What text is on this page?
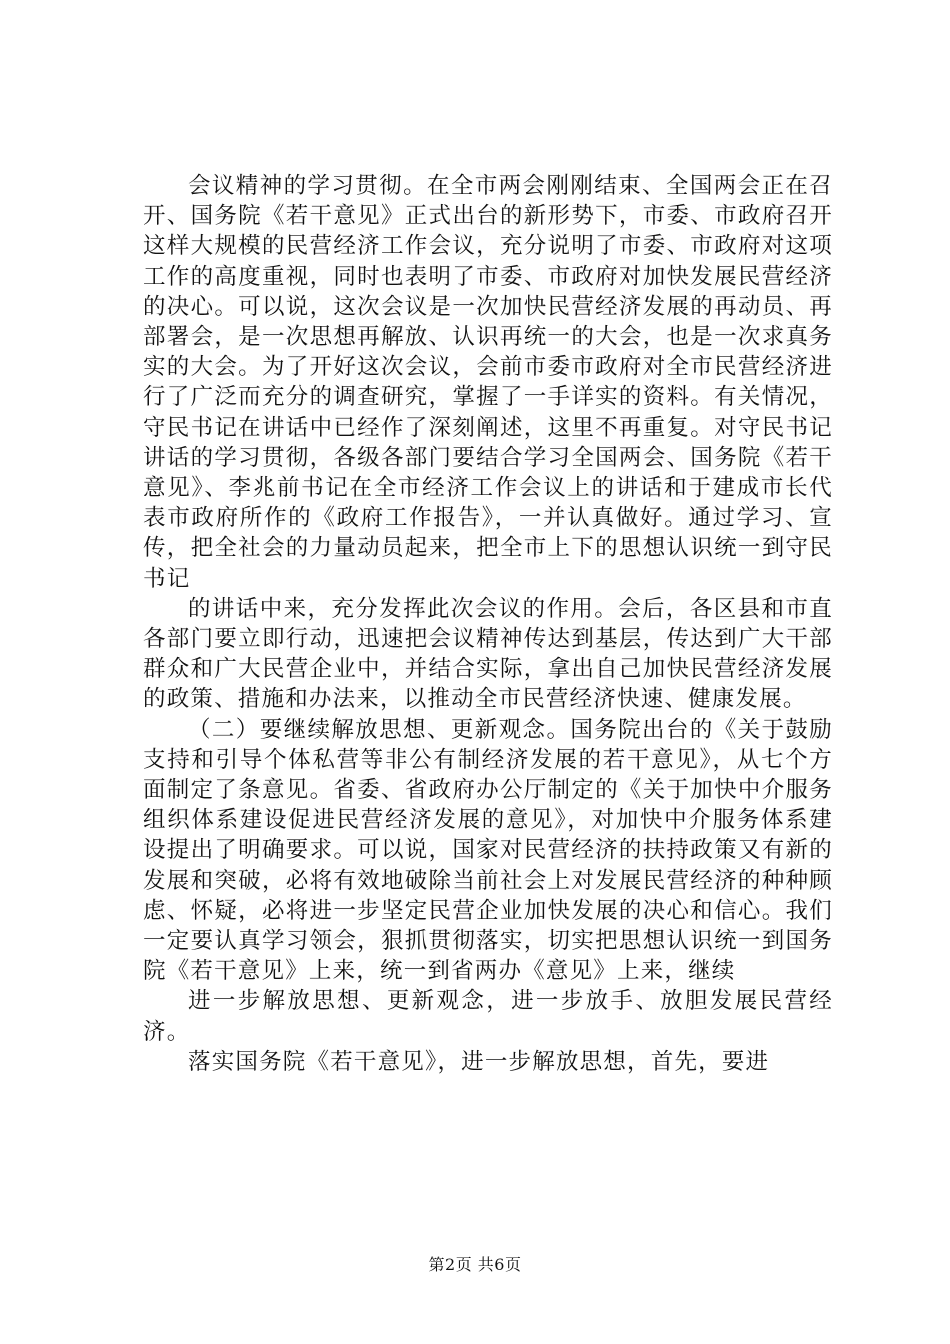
会议精神的学习贯彻。在全市两会刚刚结束、全国两会正在召开、国务院《若干意见》正式出台的新形势下，市委、市政府召开这样大规模的民营经济工作会议，充分说明了市委、市政府对这项工作的高度重视，同时也表明了市委、市政府对加快发展民营经济的决心。可以说，这次会议是一次加快民营经济发展的再动员、再部署会，是一次思想再解放、认识再统一的大会，也是一次求真务实的大会。为了开好这次会议，会前市委市政府对全市民营经济进行了广泛而充分的调查研究，掌握了一手详实的资料。有关情况，守民书记在讲话中已经作了深刻阐述，这里不再重复。对守民书记讲话的学习贯彻，各级各部门要结合学习全国两会、国务院《若干意见》、李兆前书记在全市经济工作会议上的讲话和于建成市长代表市政府所作的《政府工作报告》，一并认真做好。通过学习、宣传，把全社会的力量动员起来，把全市上下的思想认识统一到守民书记

的讲话中来，充分发挥此次会议的作用。会后，各区县和市直各部门要立即行动，迅速把会议精神传达到基层，传达到广大干部群众和广大民营企业中，并结合实际，拿出自己加快民营经济发展的政策、措施和办法来，以推动全市民营经济快速、健康发展。

（二）要继续解放思想、更新观念。国务院出台的《关于鼓励支持和引导个体私营等非公有制经济发展的若干意见》，从七个方面制定了条意见。省委、省政府办公厅制定的《关于加快中介服务组织体系建设促进民营经济发展的意见》，对加快中介服务体系建设提出了明确要求。可以说，国家对民营经济的扶持政策又有新的发展和突破，必将有效地破除当前社会上对发展民营经济的种种顾虑、怀疑，必将进一步坚定民营企业加快发展的决心和信心。我们一定要认真学习领会，狠抓贯彻落实，切实把思想认识统一到国务院《若干意见》上来，统一到省两办《意见》上来，继续

进一步解放思想、更新观念，进一步放手、放胆发展民营经济。

落实国务院《若干意见》，进一步解放思想，首先，要进

第2页 共6页
